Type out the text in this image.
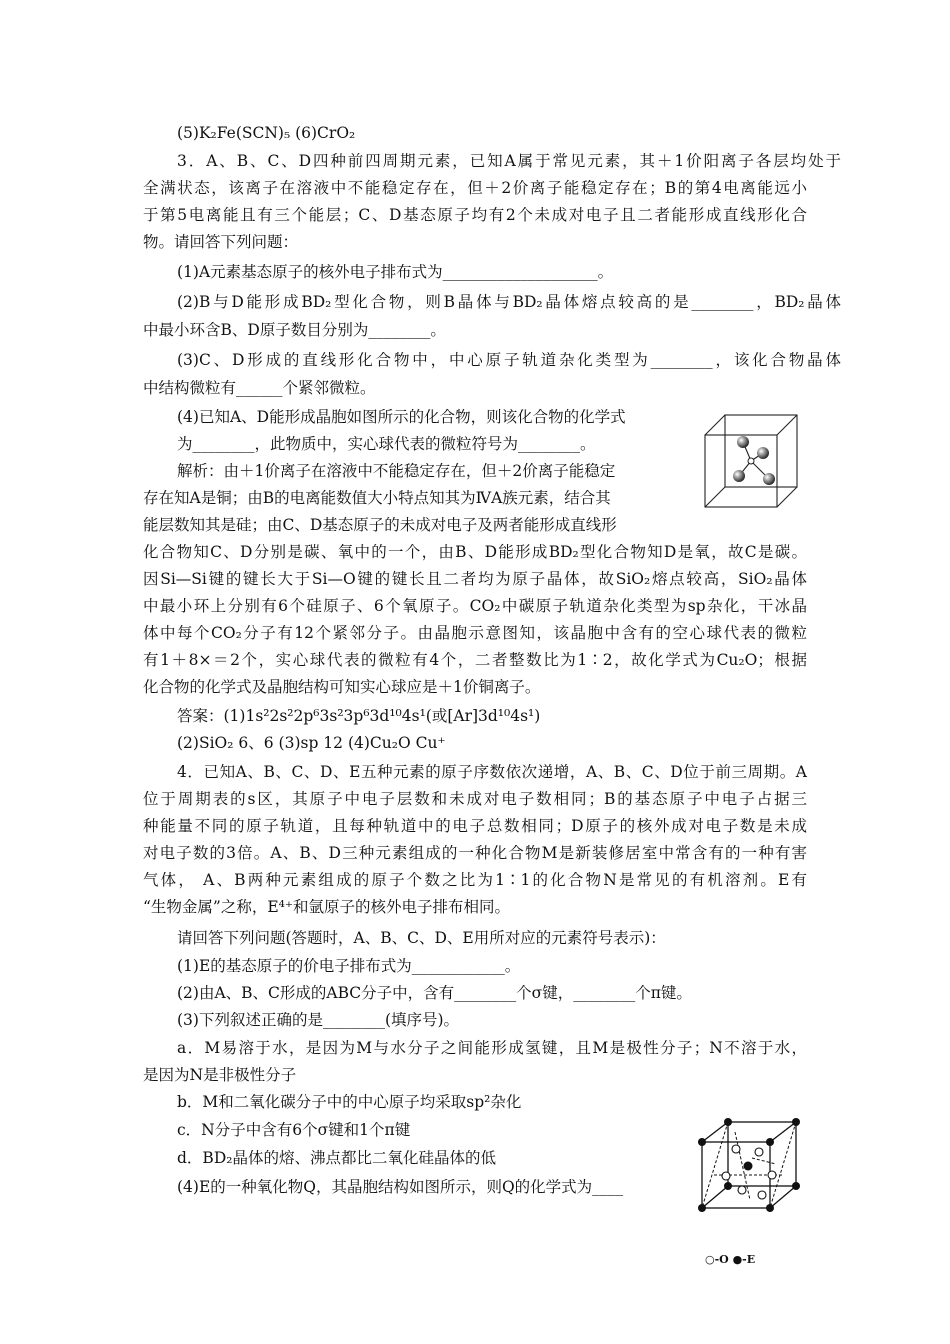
(5)K₂Fe(SCN)₅ (6)CrO₂
3．A、B、C、D四种前四周期元素，已知A属于常见元素，其＋1价阳离子各层均处于
全满状态，该离子在溶液中不能稳定存在，但＋2价离子能稳定存在；B的第4电离能远小
于第5电离能且有三个能层；C、D基态原子均有2个未成对电子且二者能形成直线形化合
物。请回答下列问题：
(1)A元素基态原子的核外电子排布式为____________________。
(2)B与D能形成BD₂型化合物，则B晶体与BD₂晶体熔点较高的是________，BD₂晶体
中最小环含B、D原子数目分别为________。
(3)C、D形成的直线形化合物中，中心原子轨道杂化类型为________，该化合物晶体
中结构微粒有______个紧邻微粒。
(4)已知A、D能形成晶胞如图所示的化合物，则该化合物的化学式
为________，此物质中，实心球代表的微粒符号为________。
解析：由＋1价离子在溶液中不能稳定存在，但＋2价离子能稳定
存在知A是铜；由B的电离能数值大小特点知其为ⅣA族元素，结合其
能层数知其是硅；由C、D基态原子的未成对电子及两者能形成直线形
化合物知C、D分别是碳、氧中的一个，由B、D能形成BD₂型化合物知D是氧，故C是碳。
因Si—Si键的键长大于Si—O键的键长且二者均为原子晶体，故SiO₂熔点较高，SiO₂晶体
中最小环上分别有6个硅原子、6个氧原子。CO₂中碳原子轨道杂化类型为sp杂化，干冰晶
体中每个CO₂分子有12个紧邻分子。由晶胞示意图知，该晶胞中含有的空心球代表的微粒
有1＋8×＝2个，实心球代表的微粒有4个，二者整数比为1∶2，故化学式为Cu₂O；根据
化合物的化学式及晶胞结构可知实心球应是＋1价铜离子。
答案：(1)1s²2s²2p⁶3s²3p⁶3d¹⁰4s¹(或[Ar]3d¹⁰4s¹)
(2)SiO₂ 6、6 (3)sp 12 (4)Cu₂O Cu⁺
4．已知A、B、C、D、E五种元素的原子序数依次递增，A、B、C、D位于前三周期。A
位于周期表的s区，其原子中电子层数和未成对电子数相同；B的基态原子中电子占据三
种能量不同的原子轨道，且每种轨道中的电子总数相同；D原子的核外成对电子数是未成
对电子数的3倍。A、B、D三种元素组成的一种化合物M是新装修居室中常含有的一种有害
气体， A、B两种元素组成的原子个数之比为1∶1的化合物N是常见的有机溶剂。E有
“生物金属”之称，E⁴⁺和氩原子的核外电子排布相同。
请回答下列问题(答题时，A、B、C、D、E用所对应的元素符号表示)：
(1)E的基态原子的价电子排布式为____________。
(2)由A、B、C形成的ABC分子中，含有________个σ键，________个π键。
(3)下列叙述正确的是________(填序号)。
a．M易溶于水，是因为M与水分子之间能形成氢键，且M是极性分子；N不溶于水，
是因为N是非极性分子
b．M和二氧化碳分子中的中心原子均采取sp²杂化
c．N分子中含有6个σ键和1个π键
d．BD₂晶体的熔、沸点都比二氧化硅晶体的低
(4)E的一种氧化物Q，其晶胞结构如图所示，则Q的化学式为____
○-O ●-E
